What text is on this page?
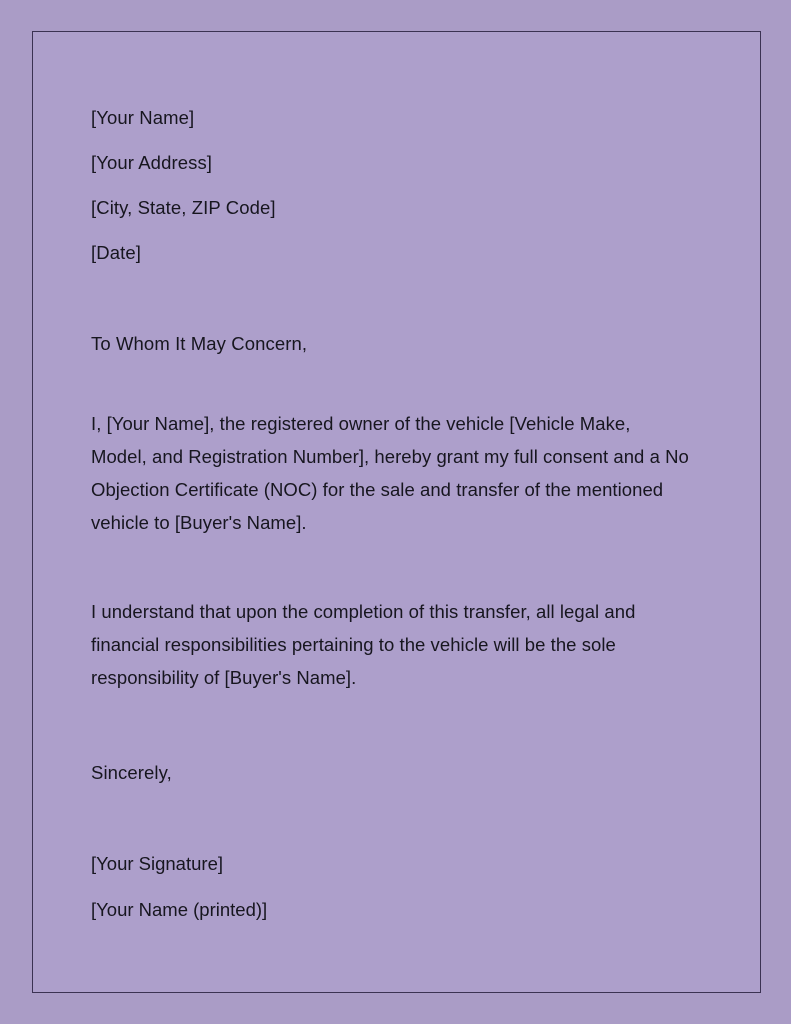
[Your Name]
[Your Address]
[City, State, ZIP Code]
[Date]
To Whom It May Concern,
I, [Your Name], the registered owner of the vehicle [Vehicle Make, Model, and Registration Number], hereby grant my full consent and a No Objection Certificate (NOC) for the sale and transfer of the mentioned vehicle to [Buyer's Name].
I understand that upon the completion of this transfer, all legal and financial responsibilities pertaining to the vehicle will be the sole responsibility of [Buyer's Name].
Sincerely,
[Your Signature]
[Your Name (printed)]
